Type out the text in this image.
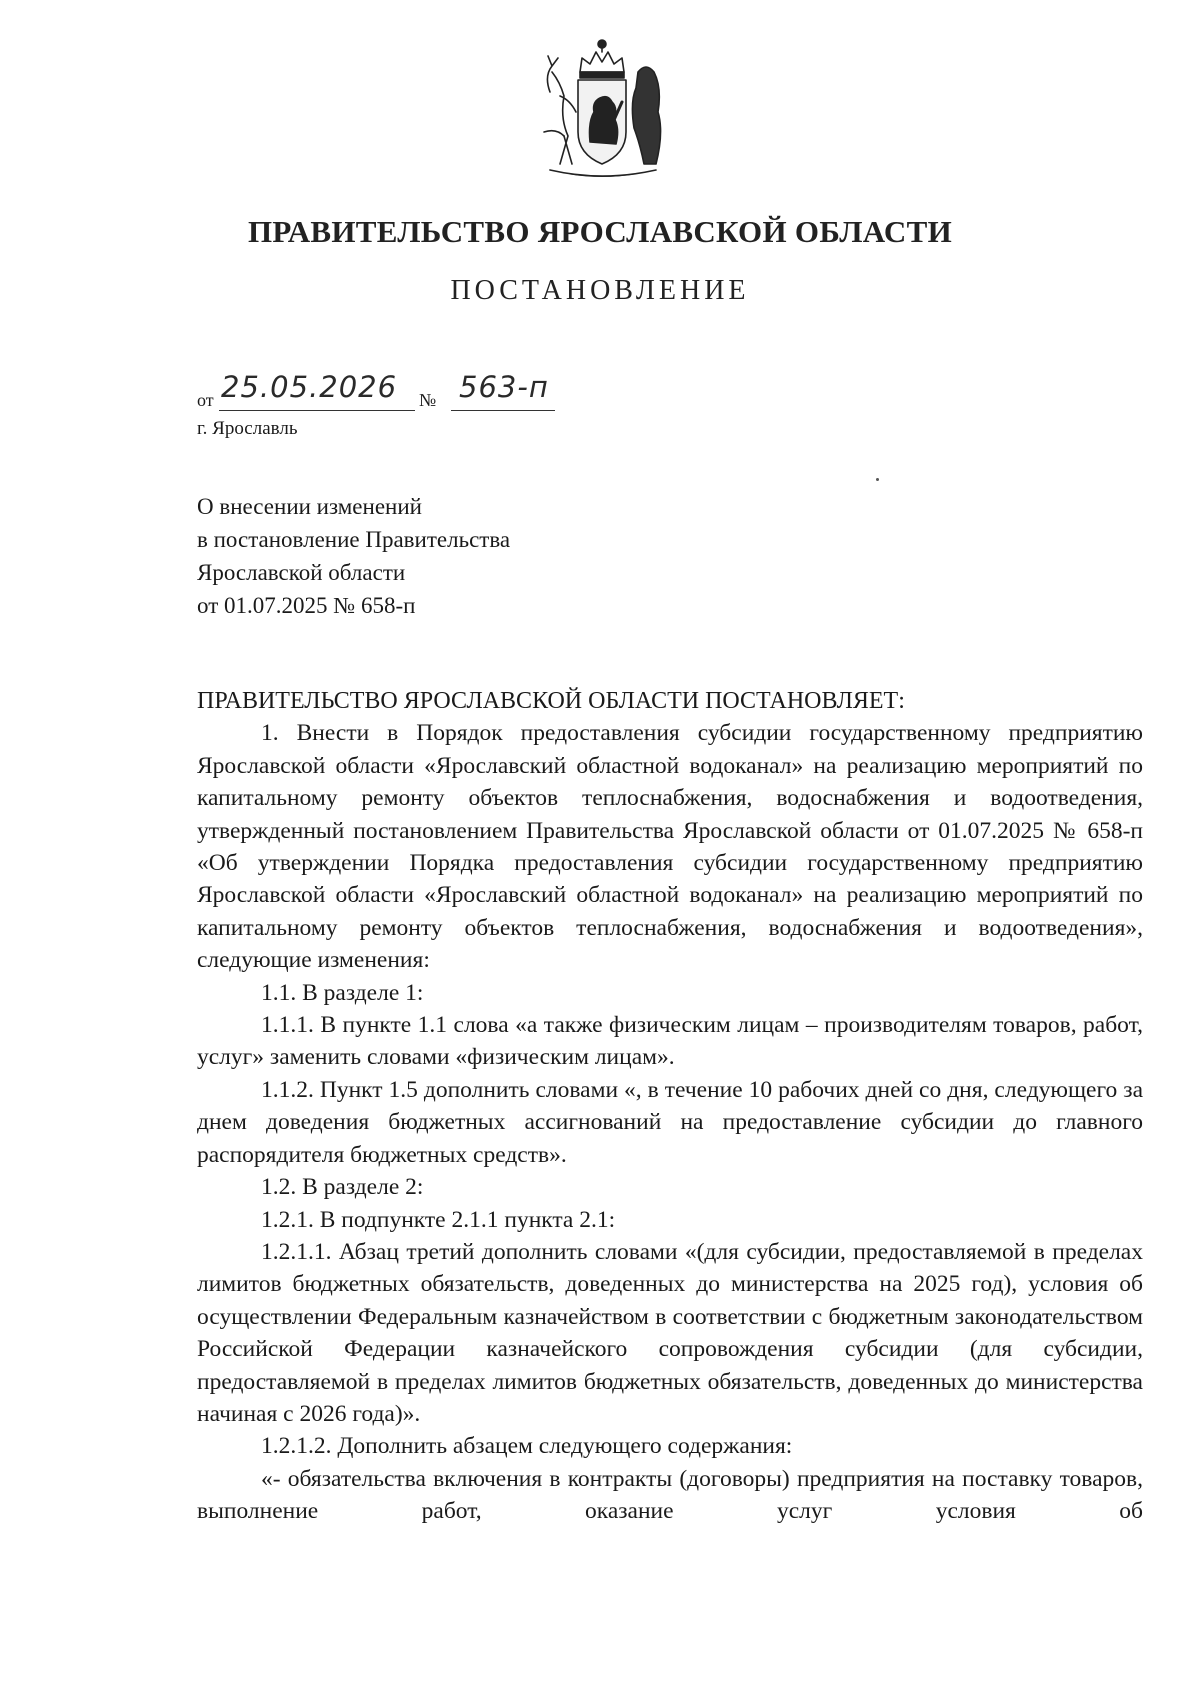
ПРАВИТЕЛЬСТВО ЯРОСЛАВСКОЙ ОБЛАСТИ
ПОСТАНОВЛЕНИЕ
от 25.05.2026 № 563-п
г. Ярославль
О внесении изменений
в постановление Правительства
Ярославской области
от 01.07.2025 № 658-п
ПРАВИТЕЛЬСТВО ЯРОСЛАВСКОЙ ОБЛАСТИ ПОСТАНОВЛЯЕТ:

1. Внести в Порядок предоставления субсидии государственному предприятию Ярославской области «Ярославский областной водоканал» на реализацию мероприятий по капитальному ремонту объектов теплоснабжения, водоснабжения и водоотведения, утвержденный постановлением Правительства Ярославской области от 01.07.2025 № 658-п «Об утверждении Порядка предоставления субсидии государственному предприятию Ярославской области «Ярославский областной водоканал» на реализацию мероприятий по капитальному ремонту объектов теплоснабжения, водоснабжения и водоотведения», следующие изменения:

1.1. В разделе 1:

1.1.1. В пункте 1.1 слова «а также физическим лицам – производителям товаров, работ, услуг» заменить словами «физическим лицам».

1.1.2. Пункт 1.5 дополнить словами «, в течение 10 рабочих дней со дня, следующего за днем доведения бюджетных ассигнований на предоставление субсидии до главного распорядителя бюджетных средств».

1.2. В разделе 2:

1.2.1. В подпункте 2.1.1 пункта 2.1:

1.2.1.1. Абзац третий дополнить словами «(для субсидии, предоставляемой в пределах лимитов бюджетных обязательств, доведенных до министерства на 2025 год), условия об осуществлении Федеральным казначейством в соответствии с бюджетным законодательством Российской Федерации казначейского сопровождения субсидии (для субсидии, предоставляемой в пределах лимитов бюджетных обязательств, доведенных до министерства начиная с 2026 года)».

1.2.1.2. Дополнить абзацем следующего содержания:

«- обязательства включения в контракты (договоры) предприятия на поставку товаров, выполнение работ, оказание услуг условия об
